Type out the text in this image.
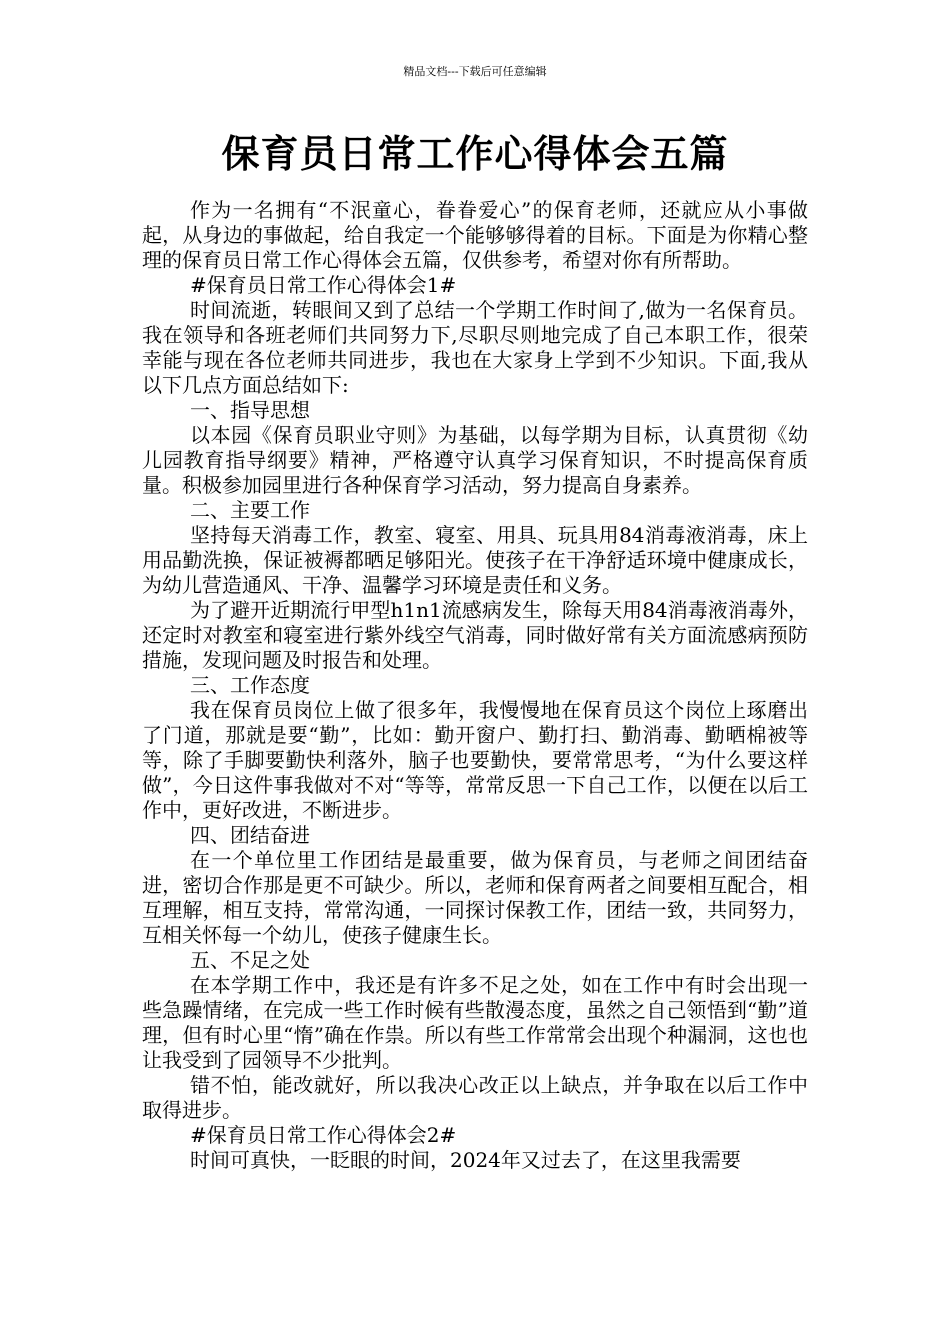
精品文档---下载后可任意编辑
保育员日常工作心得体会五篇

作为一名拥有“不泯童心，眷眷爱心”的保育老师，还就应从小事做起，从身边的事做起，给自我定一个能够够得着的目标。下面是为你精心整理的保育员日常工作心得体会五篇，仅供参考，希望对你有所帮助。

#保育员日常工作心得体会1#

时间流逝，转眼间又到了总结一个学期工作时间了,做为一名保育员。我在领导和各班老师们共同努力下,尽职尽则地完成了自己本职工作，很荣幸能与现在各位老师共同进步，我也在大家身上学到不少知识。下面,我从以下几点方面总结如下:

一、指导思想

以本园《保育员职业守则》为基础，以每学期为目标，认真贯彻《幼儿园教育指导纲要》精神，严格遵守认真学习保育知识，不时提高保育质量。积极参加园里进行各种保育学习活动，努力提高自身素养。

二、主要工作

坚持每天消毒工作，教室、寝室、用具、玩具用84消毒液消毒，床上用品勤洗换，保证被褥都晒足够阳光。使孩子在干净舒适环境中健康成长，为幼儿营造通风、干净、温馨学习环境是责任和义务。

为了避开近期流行甲型h1n1流感病发生，除每天用84消毒液消毒外，还定时对教室和寝室进行紫外线空气消毒，同时做好常有关方面流感病预防措施，发现问题及时报告和处理。

三、工作态度

我在保育员岗位上做了很多年，我慢慢地在保育员这个岗位上琢磨出了门道，那就是要“勤”，比如：勤开窗户、勤打扫、勤消毒、勤晒棉被等等，除了手脚要勤快利落外，脑子也要勤快，要常常思考，“为什么要这样做”，今日这件事我做对不对“等等，常常反思一下自己工作，以便在以后工作中，更好改进，不断进步。

四、团结奋进

在一个单位里工作团结是最重要，做为保育员，与老师之间团结奋进，密切合作那是更不可缺少。所以，老师和保育两者之间要相互配合，相互理解，相互支持，常常沟通，一同探讨保教工作，团结一致，共同努力，互相关怀每一个幼儿，使孩子健康生长。

五、不足之处

在本学期工作中，我还是有许多不足之处，如在工作中有时会出现一些急躁情绪，在完成一些工作时候有些散漫态度，虽然之自己领悟到“勤”道理，但有时心里“惰”确在作祟。所以有些工作常常会出现个种漏洞，这也也让我受到了园领导不少批判。

错不怕，能改就好，所以我决心改正以上缺点，并争取在以后工作中取得进步。

#保育员日常工作心得体会2#

时间可真快，一眨眼的时间，2024年又过去了，在这里我需要
